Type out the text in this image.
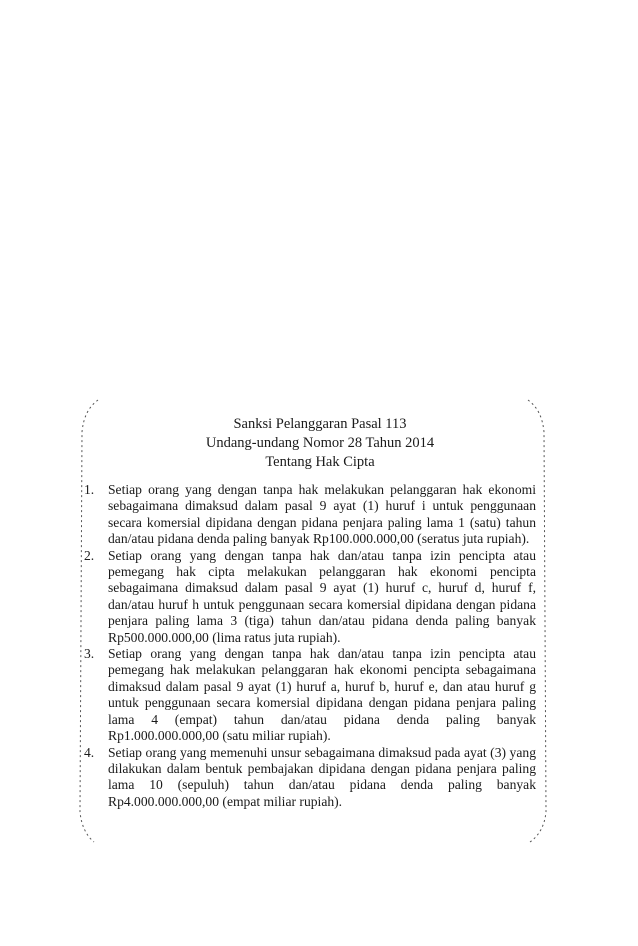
Sanksi Pelanggaran Pasal 113
Undang-undang Nomor 28 Tahun 2014
Tentang Hak Cipta
1.	Setiap orang yang dengan tanpa hak melakukan pelanggaran hak ekonomi sebagaimana dimaksud dalam pasal 9 ayat (1) huruf i untuk penggunaan secara komersial dipidana dengan pidana penjara paling lama 1 (satu) tahun dan/atau pidana denda paling banyak Rp100.000.000,00 (seratus juta rupiah).
2.	Setiap orang yang dengan tanpa hak dan/atau tanpa izin pencipta atau pemegang hak cipta melakukan pelanggaran hak ekonomi pencipta sebagaimana dimaksud dalam pasal 9 ayat (1) huruf c, huruf d, huruf f, dan/atau huruf h untuk penggunaan secara komersial dipidana dengan pidana penjara paling lama 3 (tiga) tahun dan/atau pidana denda paling banyak Rp500.000.000,00 (lima ratus juta rupiah).
3.	Setiap orang yang dengan tanpa hak dan/atau tanpa izin pencipta atau pemegang hak melakukan pelanggaran hak ekonomi pencipta sebagaimana dimaksud dalam pasal 9 ayat (1) huruf a, huruf b, huruf e, dan atau huruf g untuk penggunaan secara komersial dipidana dengan pidana penjara paling lama 4 (empat) tahun dan/atau pidana denda paling banyak Rp1.000.000.000,00 (satu miliar rupiah).
4.	Setiap orang yang memenuhi unsur sebagaimana dimaksud pada ayat (3) yang dilakukan dalam bentuk pembajakan dipidana dengan pidana penjara paling lama 10 (sepuluh) tahun dan/atau pidana denda paling banyak Rp4.000.000.000,00 (empat miliar rupiah).
